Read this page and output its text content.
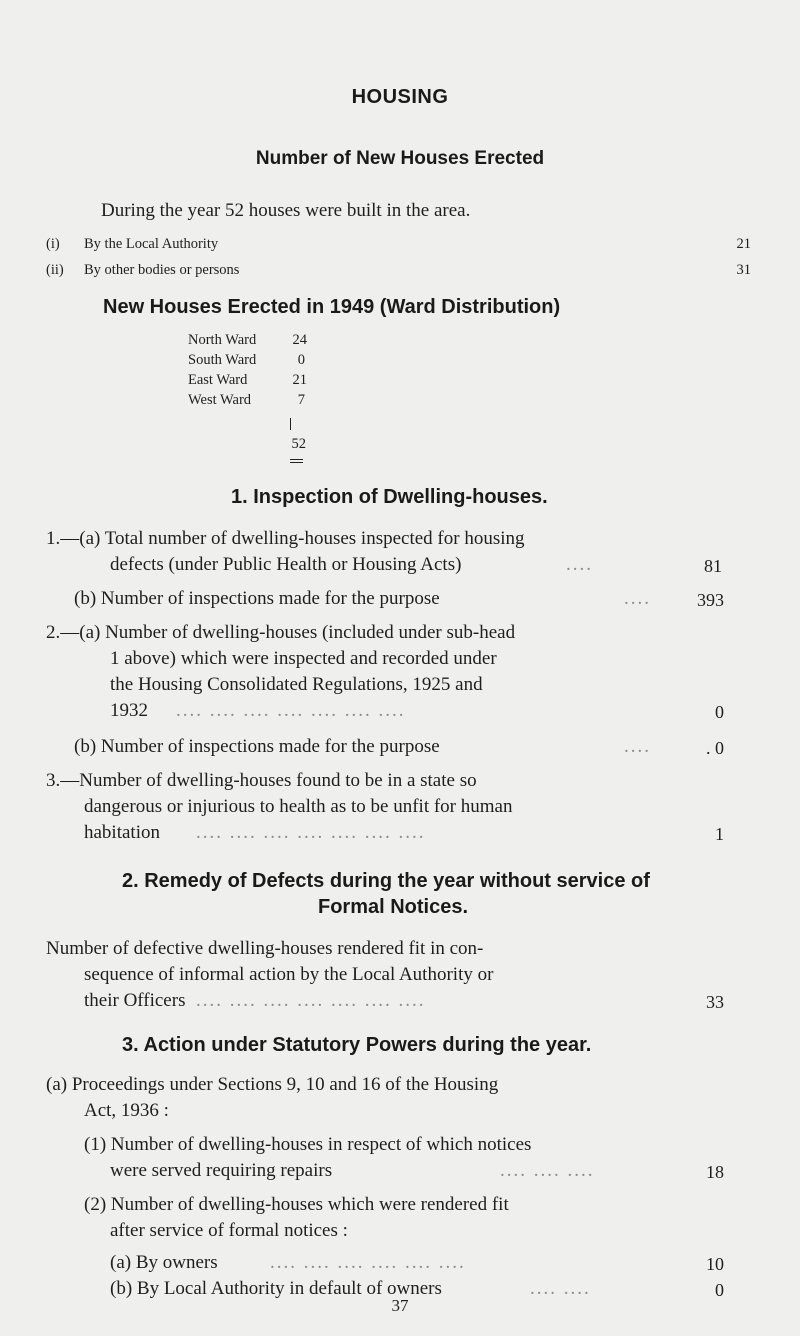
HOUSING
Number of New Houses Erected
During the year 52 houses were built in the area.
(i) By the Local Authority	21
(ii) By other bodies or persons	31
New Houses Erected in 1949 (Ward Distribution)
North Ward	24
South Ward	0
East Ward	21
West Ward	7
52
1. Inspection of Dwelling-houses.
1.—(a) Total number of dwelling-houses inspected for housing
defects (under Public Health or Housing Acts)	....	81
(b) Number of inspections made for the purpose	....	393
2.—(a) Number of dwelling-houses (included under sub-head
1 above) which were inspected and recorded under
the Housing Consolidated Regulations, 1925 and
1932 .... .... .... .... .... .... ....	0
(b) Number of inspections made for the purpose	....	. 0
3.—Number of dwelling-houses found to be in a state so
dangerous or injurious to health as to be unfit for human
habitation .... .... .... .... .... .... ....	1
2. Remedy of Defects during the year without service of
Formal Notices.
Number of defective dwelling-houses rendered fit in con-
sequence of informal action by the Local Authority or
their Officers .... .... .... .... .... .... ....	33
3. Action under Statutory Powers during the year.
(a) Proceedings under Sections 9, 10 and 16 of the Housing
Act, 1936 :
(1) Number of dwelling-houses in respect of which notices
were served requiring repairs	.... .... ....	18
(2) Number of dwelling-houses which were rendered fit
after service of formal notices :
(a) By owners	.... .... .... .... .... ....	10
(b) By Local Authority in default of owners	.... ....	0
37
